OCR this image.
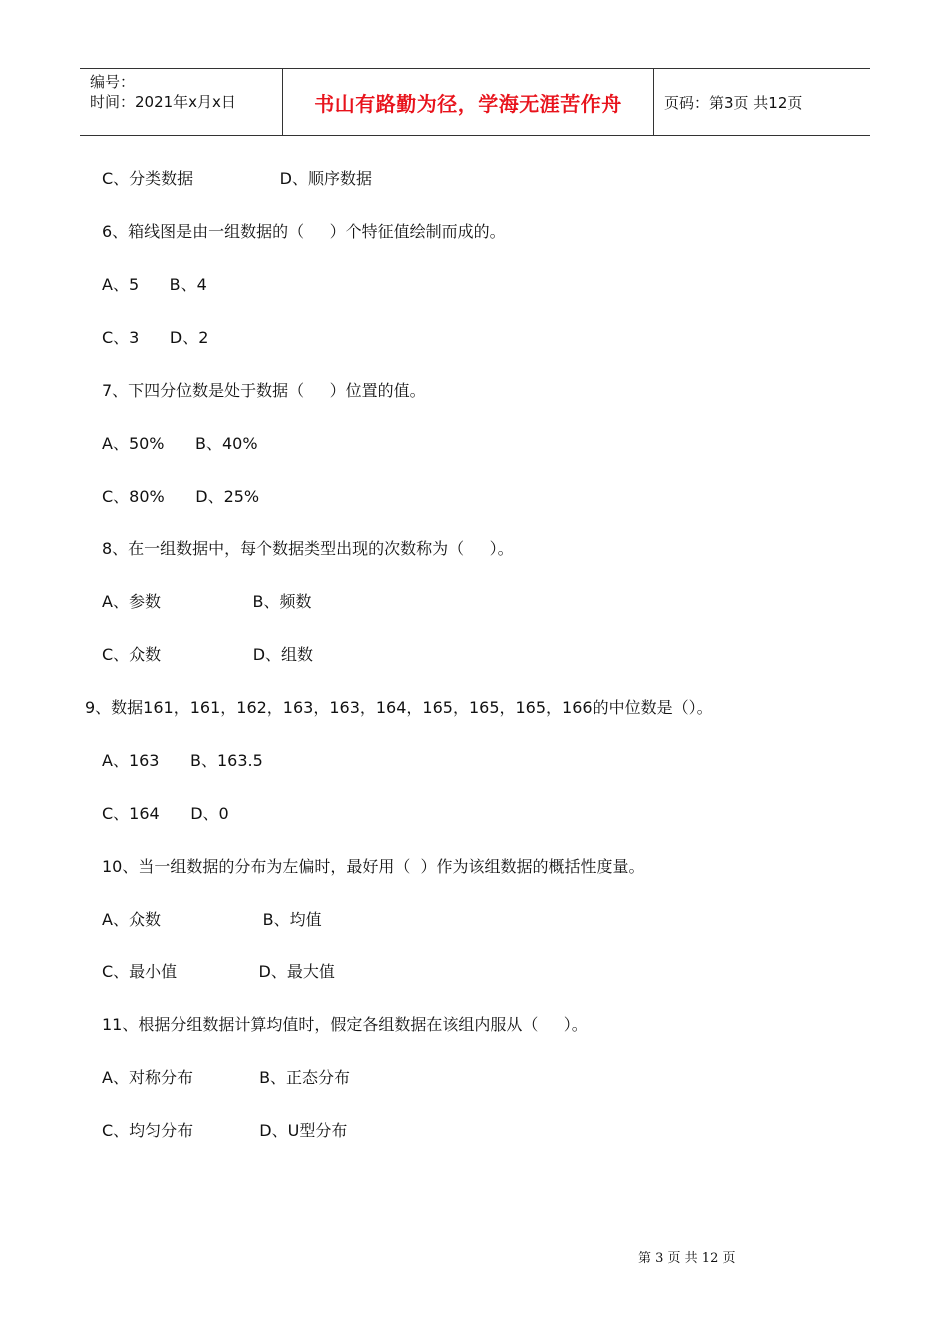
编号：
时间：2021年x月x日	书山有路勤为径，学海无涯苦作舟	页码：第3页 共12页
C、分类数据                 D、顺序数据
6、箱线图是由一组数据的（     ）个特征值绘制而成的。
A、5      B、4
C、3      D、2
7、下四分位数是处于数据（     ）位置的值。
A、50%      B、40%
C、80%      D、25%
8、在一组数据中，每个数据类型出现的次数称为（     ）。
A、参数                  B、频数
C、众数                  D、组数
9、数据161，161，162，163，163，164，165，165，165，166的中位数是（）。
A、163      B、163.5
C、164      D、0
10、当一组数据的分布为左偏时，最好用（  ）作为该组数据的概括性度量。
A、众数                    B、均值
C、最小值                D、最大值
11、根据分组数据计算均值时，假定各组数据在该组内服从（     ）。
A、对称分布             B、正态分布
C、均匀分布             D、U型分布
第 3 页 共 12 页
